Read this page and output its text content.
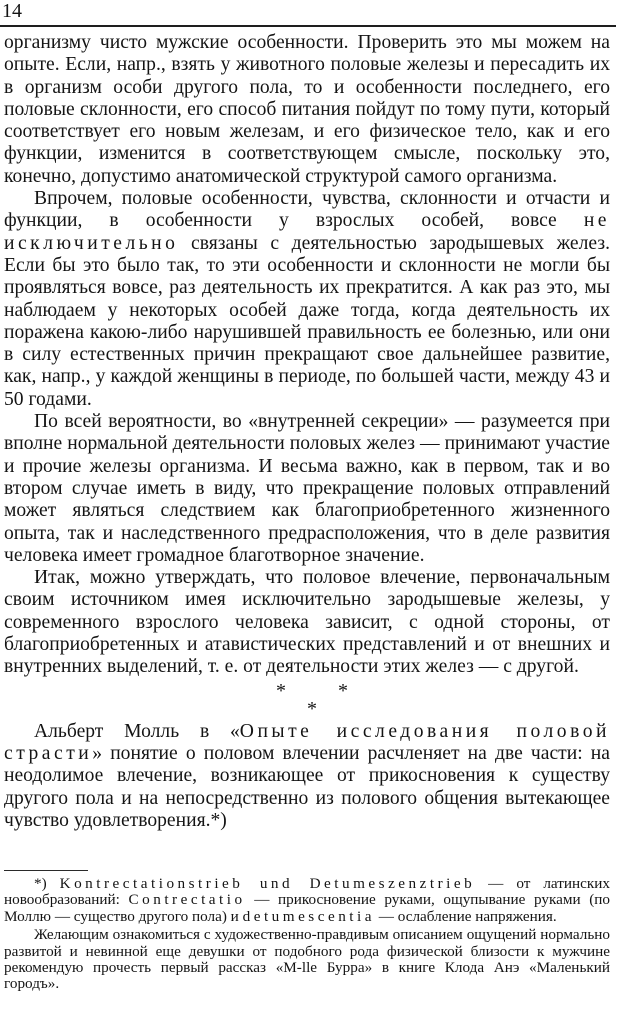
14

организму чисто мужские особенности. Проверить это мы можем на опыте. Если, напр., взять у животного половые железы и пересадить их в организм особи другого пола, то и особенности последнего, его половые склонности, его способ питания пойдут по тому пути, который соответствует его новым железам, и его физическое тело, как и его функции, изменится в соответствующем смысле, поскольку это, конечно, допустимо анатомической структурой самого организма.

Впрочем, половые особенности, чувства, склонности и отчасти и функции, в особенности у взрослых особей, вовсе не исключительно связаны с деятельностью зародышевых желез. Если бы это было так, то эти особенности и склонности не могли бы проявляться вовсе, раз деятельность их прекратится. А как раз это, мы наблюдаем у некоторых особей даже тогда, когда деятельность их поражена какою-либо нарушившей правильность ее болезнью, или они в силу естественных причин прекращают свое дальнейшее развитие, как, напр., у каждой женщины в периоде, по большей части, между 43 и 50 годами.

По всей вероятности, во «внутренней секреции» — разумеется при вполне нормальной деятельности половых желез — принимают участие и прочие железы организма. И весьма важно, как в первом, так и во втором случае иметь в виду, что прекращение половых отправлений может являться следствием как благоприобретенного жизненного опыта, так и наследственного предрасположения, что в деле развития человека имеет громадное благотворное значение.

Итак, можно утверждать, что половое влечение, первоначальным своим источником имея исключительно зародышевые железы, у современного взрослого человека зависит, с одной стороны, от благоприобретенных и атавистических представлений и от внешних и внутренних выделений, т. е. от деятельности этих желез — с другой.

*	*
*

Альберт Молль в «Опыте исследования половой страсти» понятие о половом влечении расчленяет на две части: на неодолимое влечение, возникающее от прикосновения к существу другого пола и на непосредственно из полового общения вытекающее чувство удовлетворения.*)

*) Kontrectationstrieb und Detumeszenztrieb — от латинских новообразований: Contrectatio — прикосновение руками, ощупывание руками (по Моллю — существо другого пола) и detumescentia — ослабление напряжения.

Желающим ознакомиться с художественно-правдивым описанием ощущений нормально развитой и невинной еще девушки от подобного рода физической близости к мужчине рекомендую прочесть первый рассказ «М-lle Бурра» в книге Клода Анэ «Маленький городъ».
